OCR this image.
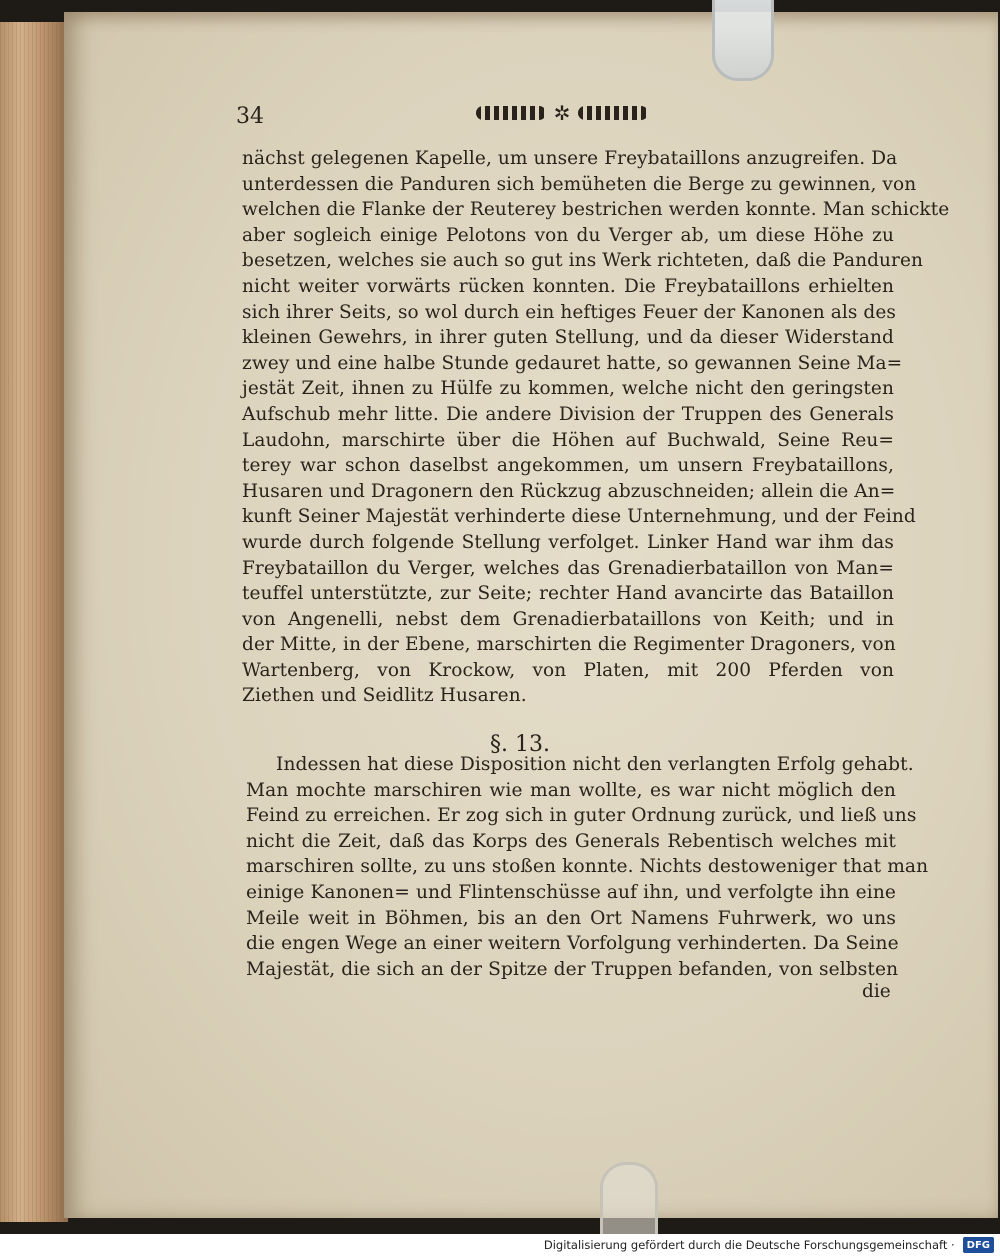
34	✲
nächst gelegenen Kapelle, um unsere Freybataillons anzugreifen. Da
unterdessen die Panduren sich bemüheten die Berge zu gewinnen, von
welchen die Flanke der Reuterey bestrichen werden konnte. Man schickte
aber sogleich einige Pelotons von du Verger ab, um diese Höhe zu
besetzen, welches sie auch so gut ins Werk richteten, daß die Panduren
nicht weiter vorwärts rücken konnten. Die Freybataillons erhielten
sich ihrer Seits, so wol durch ein heftiges Feuer der Kanonen als des
kleinen Gewehrs, in ihrer guten Stellung, und da dieser Widerstand
zwey und eine halbe Stunde gedauret hatte, so gewannen Seine Ma=
jestät Zeit, ihnen zu Hülfe zu kommen, welche nicht den geringsten
Aufschub mehr litte. Die andere Division der Truppen des Generals
Laudohn, marschirte über die Höhen auf Buchwald, Seine Reu=
terey war schon daselbst angekommen, um unsern Freybataillons,
Husaren und Dragonern den Rückzug abzuschneiden; allein die An=
kunft Seiner Majestät verhinderte diese Unternehmung, und der Feind
wurde durch folgende Stellung verfolget. Linker Hand war ihm das
Freybataillon du Verger, welches das Grenadierbataillon von Man=
teuffel unterstützte, zur Seite; rechter Hand avancirte das Bataillon
von Angenelli, nebst dem Grenadierbataillons von Keith; und in
der Mitte, in der Ebene, marschirten die Regimenter Dragoners, von
Wartenberg, von Krockow, von Platen, mit 200 Pferden von
Ziethen und Seidlitz Husaren.
§. 13.
Indessen hat diese Disposition nicht den verlangten Erfolg gehabt.
Man mochte marschiren wie man wollte, es war nicht möglich den
Feind zu erreichen. Er zog sich in guter Ordnung zurück, und ließ uns
nicht die Zeit, daß das Korps des Generals Rebentisch welches mit
marschiren sollte, zu uns stoßen konnte. Nichts destoweniger that man
einige Kanonen= und Flintenschüsse auf ihn, und verfolgte ihn eine
Meile weit in Böhmen, bis an den Ort Namens Fuhrwerk, wo uns
die engen Wege an einer weitern Vorfolgung verhinderten. Da Seine
Majestät, die sich an der Spitze der Truppen befanden, von selbsten
die
Digitalisierung gefördert durch die Deutsche Forschungsgemeinschaft ·	DFG
